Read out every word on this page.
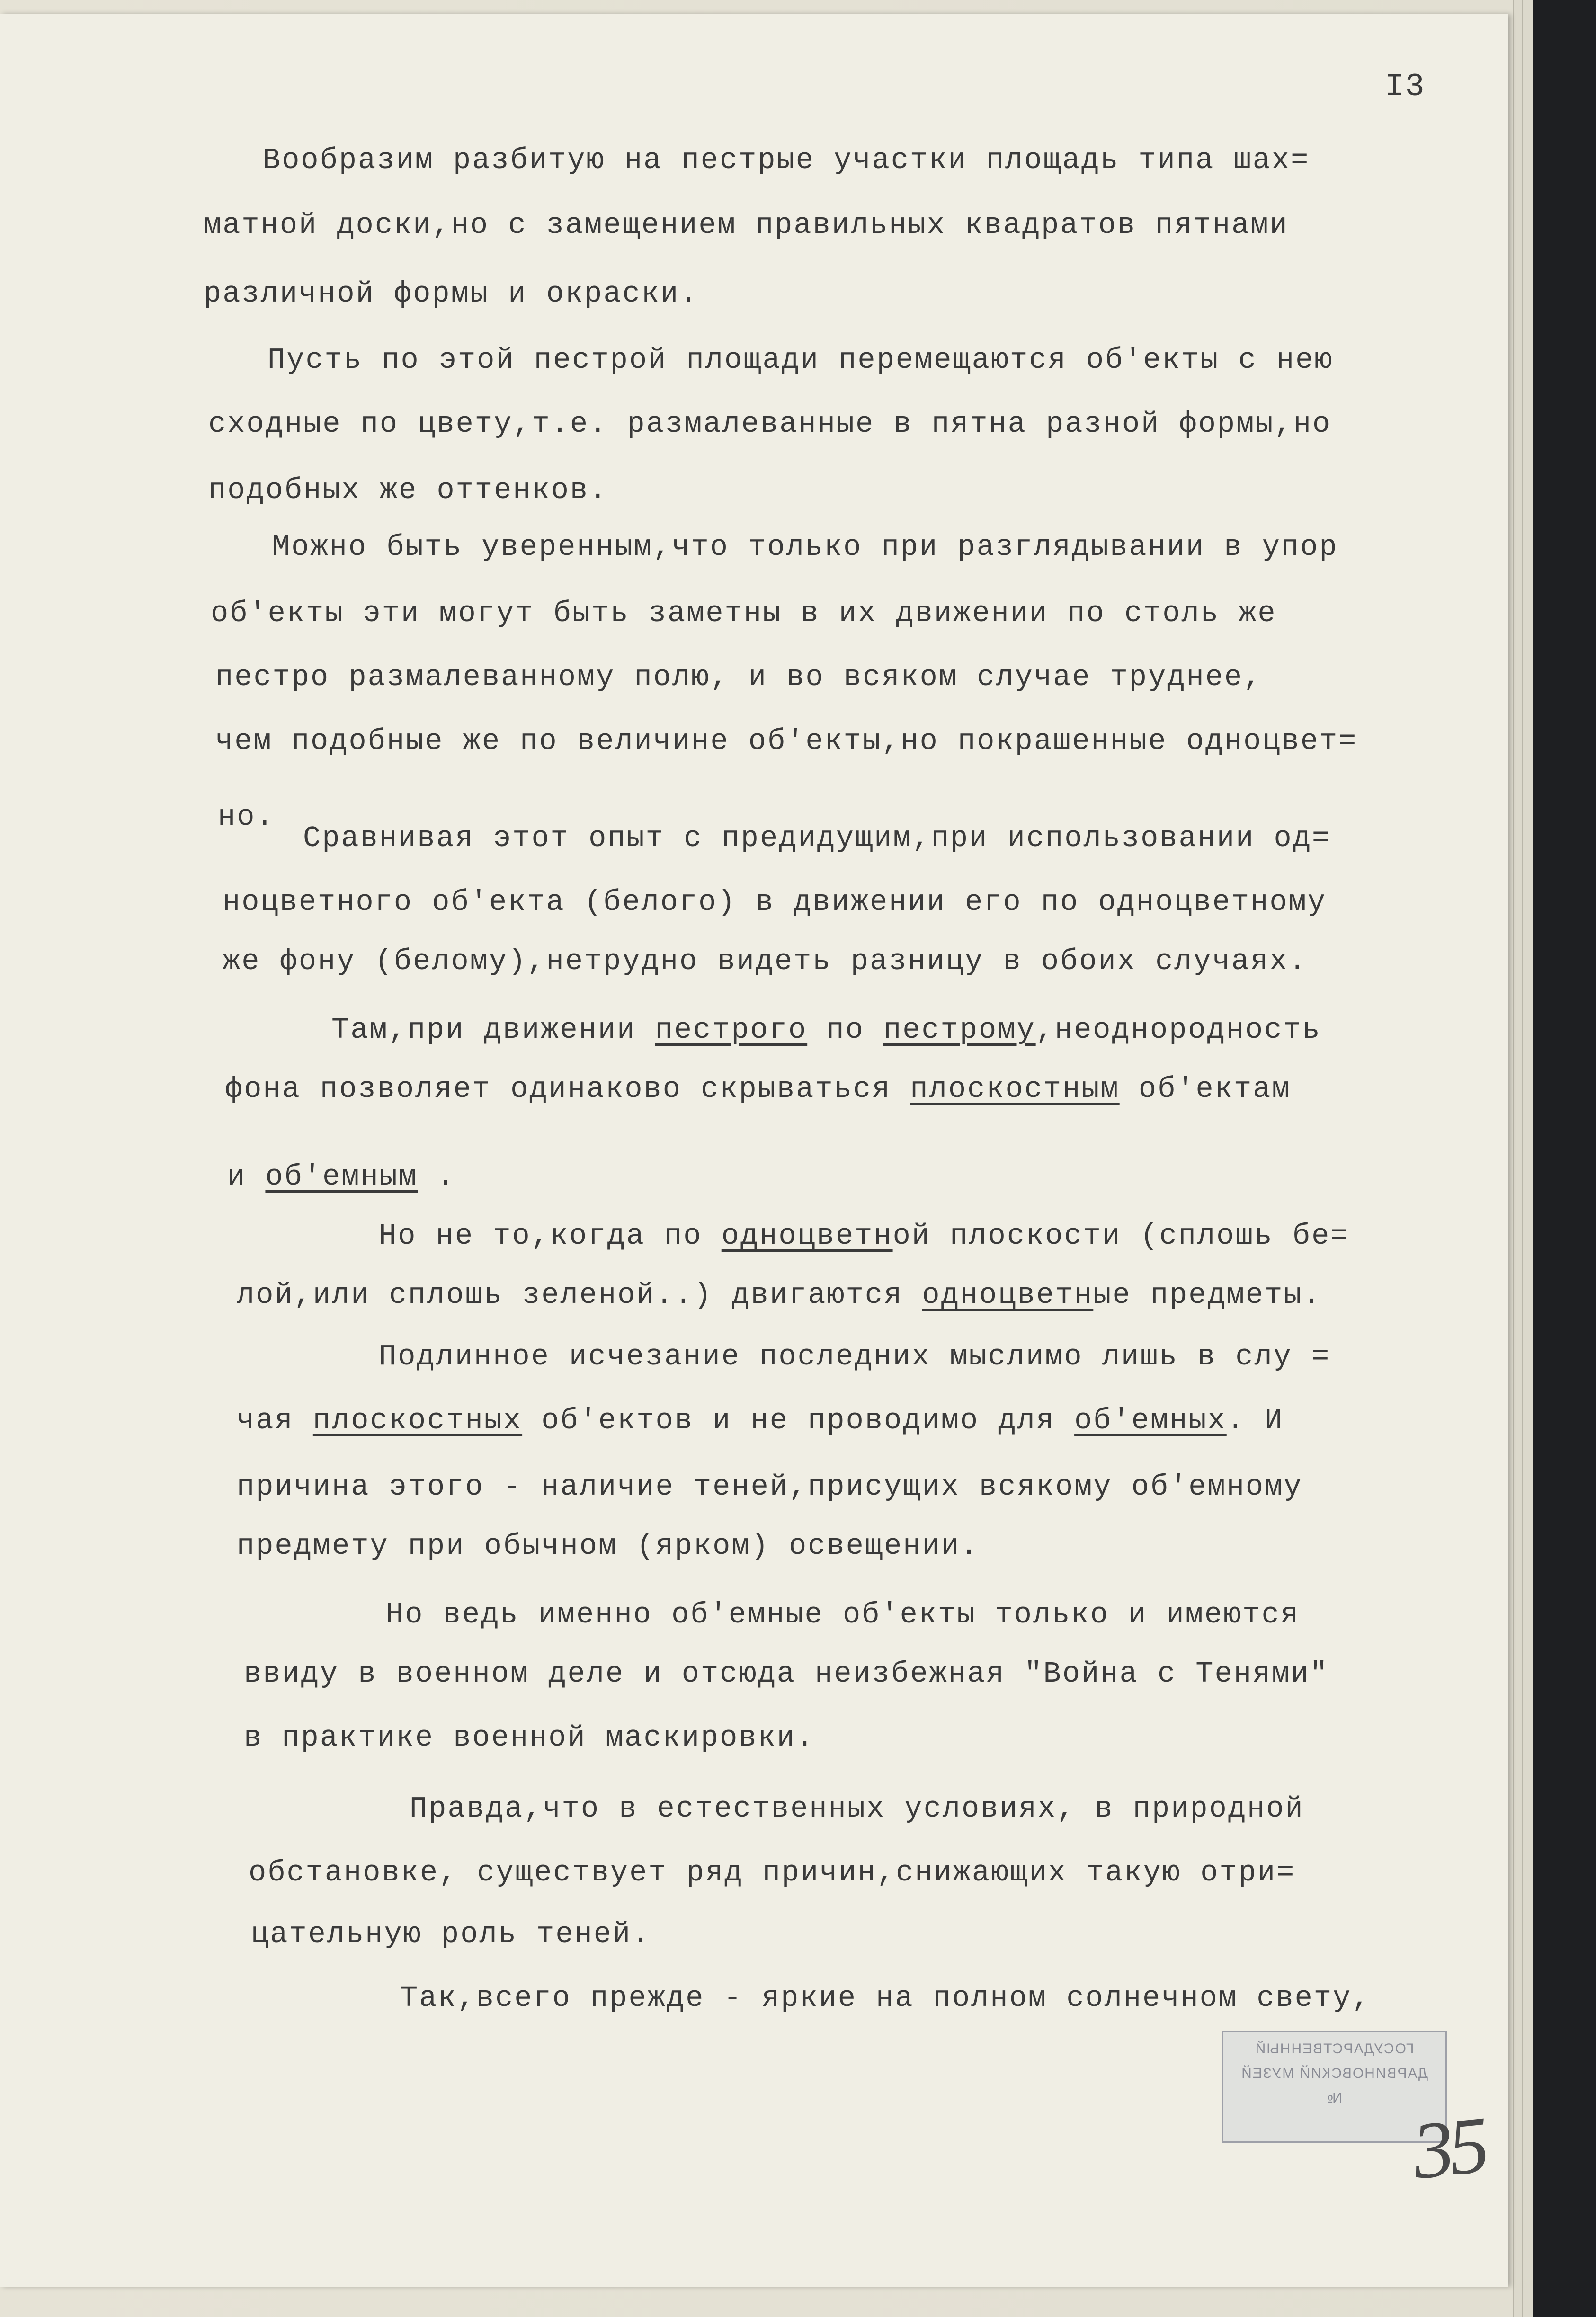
I3
Вообразим разбитую на пестрые участки площадь типа шах=
матной доски,но с замещением правильных квадратов пятнами
различной формы и окраски.
Пусть по этой пестрой площади перемещаются об'екты с нею
сходные по цвету,т.е. размалеванные в пятна разной формы,но
подобных же оттенков.
Можно быть уверенным,что только при разглядывании в упор
об'екты эти могут быть заметны в их движении по столь же
пестро размалеванному полю, и во всяком случае труднее,
чем подобные же по величине об'екты,но покрашенные одноцвет=
но.
Сравнивая этот опыт с предидущим,при использовании од=
ноцветного об'екта (белого) в движении его по одноцветному
же фону (белому),нетрудно видеть разницу в обоих случаях.
Там,при движении пестрого по пестрому,неоднородность
фона позволяет одинаково скрываться плоскостным об'ектам
и об'емным .
Но не то,когда по одноцветной плоскости (сплошь бе=
лой,или сплошь зеленой..) двигаются одноцветные предметы.
Подлинное исчезание последних мыслимо лишь в слу =
чая плоскостных об'ектов и не проводимо для об'емных. И
причина этого - наличие теней,присущих всякому об'емному
предмету при обычном (ярком) освещении.
Но ведь именно об'емные об'екты только и имеются
ввиду в военном деле и отсюда неизбежная "Война с Тенями"
в практике военной маскировки.
Правда,что в естественных условиях, в природной
обстановке, существует ряд причин,снижающих такую отри=
цательную роль теней.
Так,всего прежде - яркие на полном солнечном свету,
ГОСУДАРСТВЕННЫЙ
ДАРВИНОВСКИЙ МУЗЕЙ
№
35
